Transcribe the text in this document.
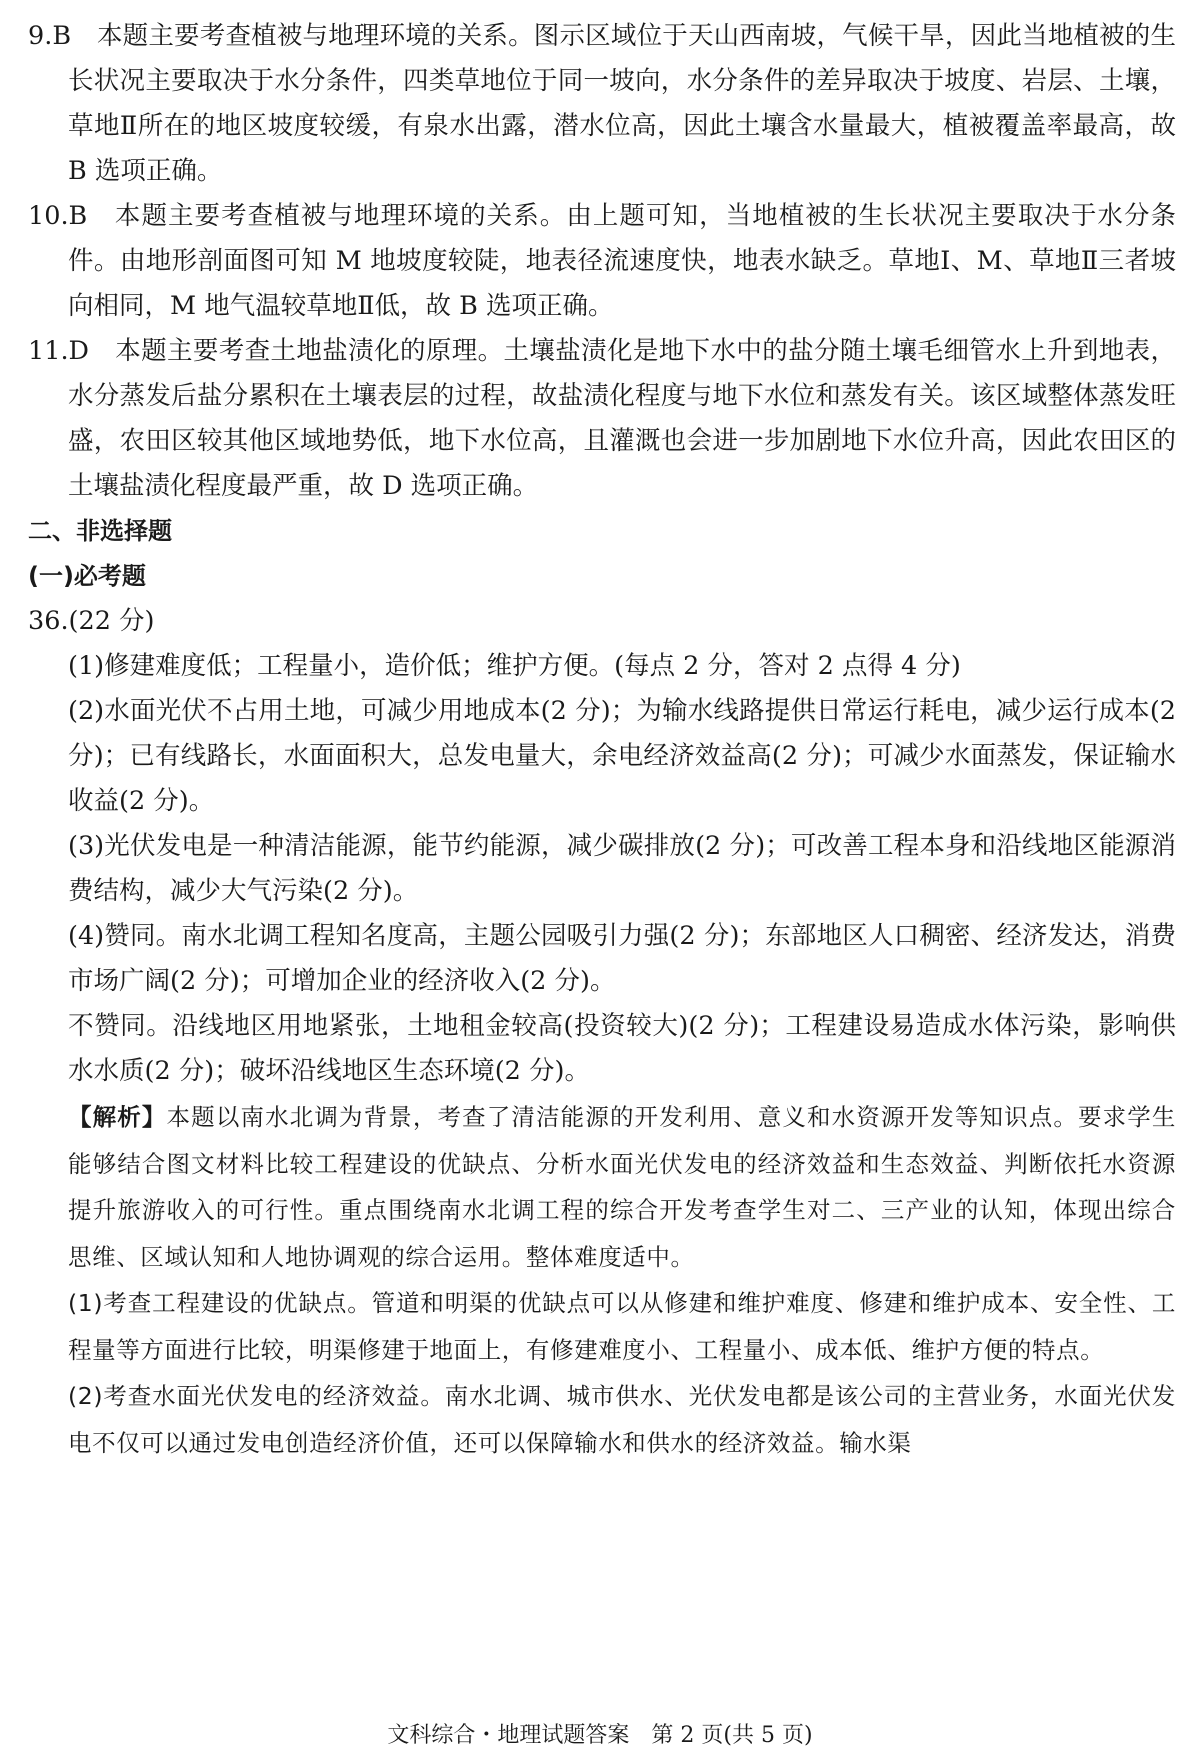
9.B　本题主要考查植被与地理环境的关系。图示区域位于天山西南坡，气候干旱，因此当地植被的生长状况主要取决于水分条件，四类草地位于同一坡向，水分条件的差异取决于坡度、岩层、土壤，草地Ⅱ所在的地区坡度较缓，有泉水出露，潜水位高，因此土壤含水量最大，植被覆盖率最高，故 B 选项正确。

10.B　本题主要考查植被与地理环境的关系。由上题可知，当地植被的生长状况主要取决于水分条件。由地形剖面图可知 M 地坡度较陡，地表径流速度快，地表水缺乏。草地Ⅰ、M、草地Ⅱ三者坡向相同，M 地气温较草地Ⅱ低，故 B 选项正确。

11.D　本题主要考查土地盐渍化的原理。土壤盐渍化是地下水中的盐分随土壤毛细管水上升到地表，水分蒸发后盐分累积在土壤表层的过程，故盐渍化程度与地下水位和蒸发有关。该区域整体蒸发旺盛，农田区较其他区域地势低，地下水位高，且灌溉也会进一步加剧地下水位升高，因此农田区的土壤盐渍化程度最严重，故 D 选项正确。

二、非选择题

(一)必考题

36.(22 分)

(1)修建难度低；工程量小，造价低；维护方便。(每点 2 分，答对 2 点得 4 分)

(2)水面光伏不占用土地，可减少用地成本(2 分)；为输水线路提供日常运行耗电，减少运行成本(2 分)；已有线路长，水面面积大，总发电量大，余电经济效益高(2 分)；可减少水面蒸发，保证输水收益(2 分)。

(3)光伏发电是一种清洁能源，能节约能源，减少碳排放(2 分)；可改善工程本身和沿线地区能源消费结构，减少大气污染(2 分)。

(4)赞同。南水北调工程知名度高，主题公园吸引力强(2 分)；东部地区人口稠密、经济发达，消费市场广阔(2 分)；可增加企业的经济收入(2 分)。

不赞同。沿线地区用地紧张，土地租金较高(投资较大)(2 分)；工程建设易造成水体污染，影响供水水质(2 分)；破坏沿线地区生态环境(2 分)。

【解析】本题以南水北调为背景，考查了清洁能源的开发利用、意义和水资源开发等知识点。要求学生能够结合图文材料比较工程建设的优缺点、分析水面光伏发电的经济效益和生态效益、判断依托水资源提升旅游收入的可行性。重点围绕南水北调工程的综合开发考查学生对二、三产业的认知，体现出综合思维、区域认知和人地协调观的综合运用。整体难度适中。

(1)考查工程建设的优缺点。管道和明渠的优缺点可以从修建和维护难度、修建和维护成本、安全性、工程量等方面进行比较，明渠修建于地面上，有修建难度小、工程量小、成本低、维护方便的特点。

(2)考查水面光伏发电的经济效益。南水北调、城市供水、光伏发电都是该公司的主营业务，水面光伏发电不仅可以通过发电创造经济价值，还可以保障输水和供水的经济效益。输水渠

文科综合・地理试题答案　第 2 页(共 5 页)
